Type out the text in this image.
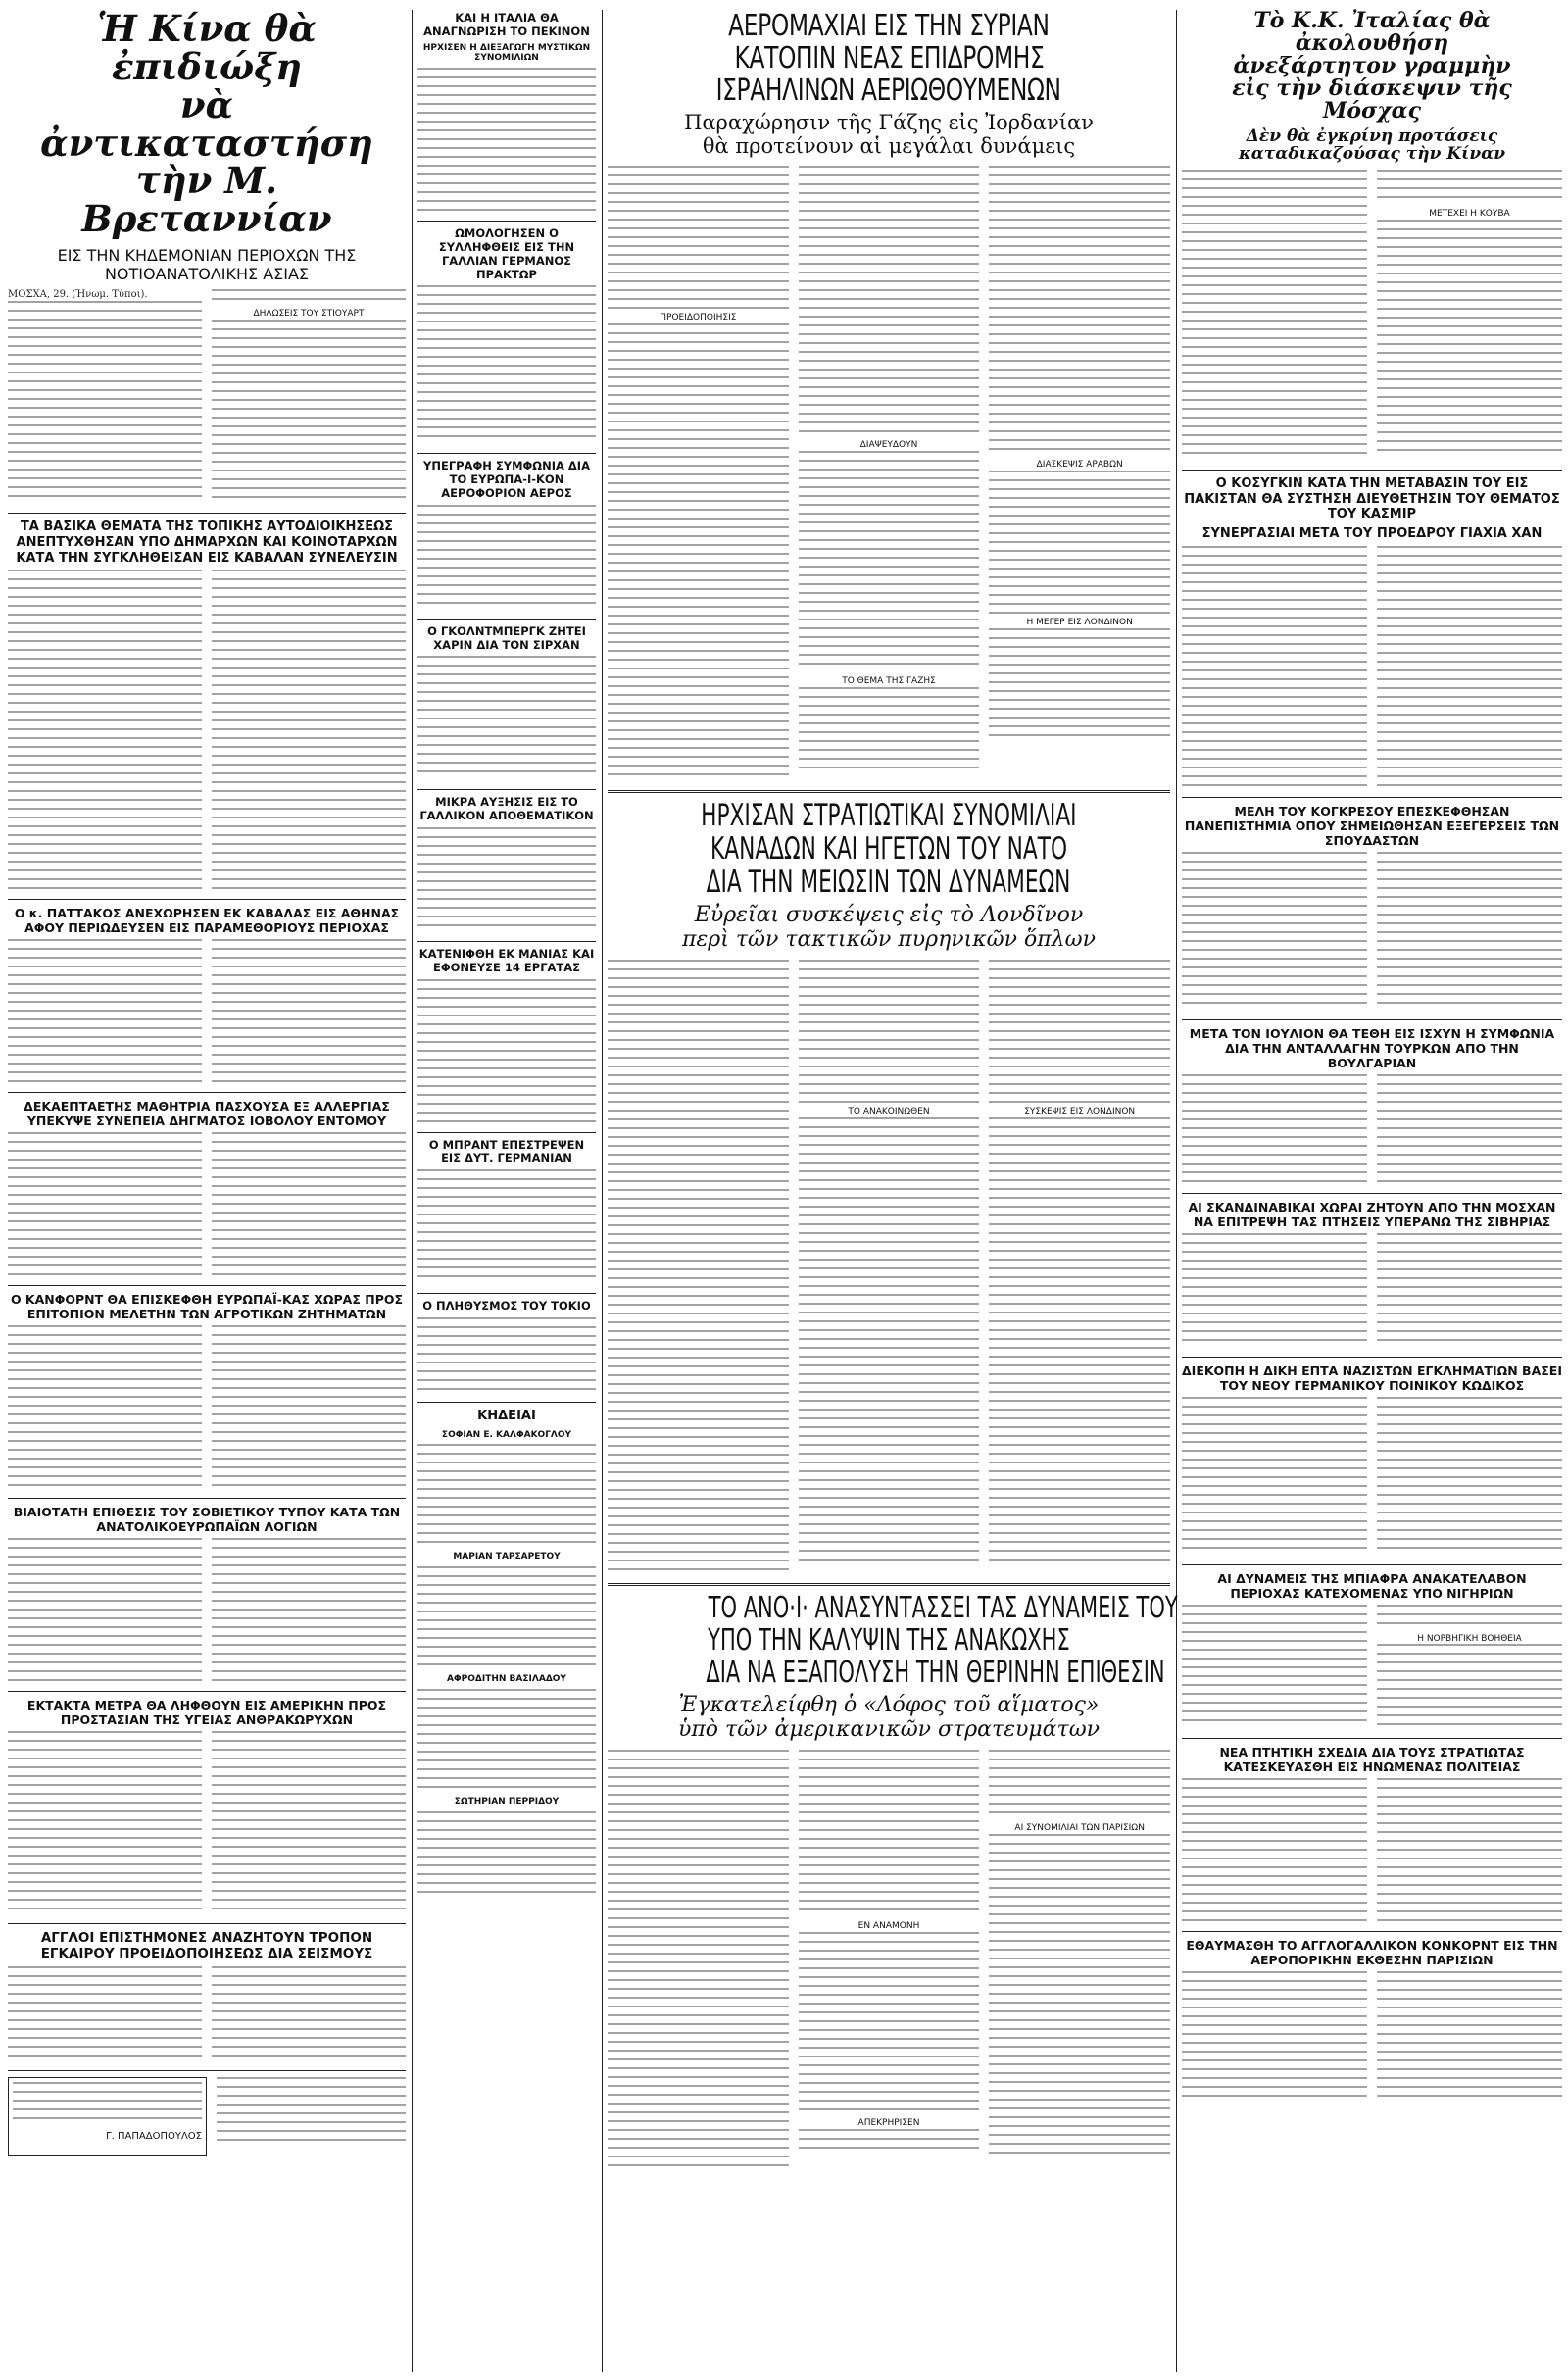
Ἡ Κίνα θὰ ἐπιδιώξη
νὰ ἀντικαταστήση
τὴν Μ. Βρεταννίαν
ΕΙΣ ΤΗΝ ΚΗΔΕΜΟΝΙΑΝ ΠΕΡΙΟΧΩΝ ΤΗΣ ΝΟΤΙΟΑΝΑΤΟΛΙΚΗΣ ΑΣΙΑΣ
ΜΟΣΧΑ, 29. (Ἠνωμ. Τύποι).
ΔΗΛΩΣΕΙΣ ΤΟΥ ΣΤΙΟΥΑΡΤ
ΤΑ ΒΑΣΙΚΑ ΘΕΜΑΤΑ ΤΗΣ ΤΟΠΙΚΗΣ ΑΥΤΟΔΙΟΙΚΗΣΕΩΣ ΑΝΕΠΤΥΧΘΗΣΑΝ ΥΠΟ ΔΗΜΑΡΧΩΝ ΚΑΙ ΚΟΙΝΟΤΑΡΧΩΝ ΚΑΤΑ ΤΗΝ ΣΥΓΚΛΗΘΕΙΣΑΝ ΕΙΣ ΚΑΒΑΛΑΝ ΣΥΝΕΛΕΥΣΙΝ
Ο κ. ΠΑΤΤΑΚΟΣ ΑΝΕΧΩΡΗΣΕΝ ΕΚ ΚΑΒΑΛΑΣ ΕΙΣ ΑΘΗΝΑΣ ΑΦΟΥ ΠΕΡΙΩΔΕΥΣΕΝ ΕΙΣ ΠΑΡΑΜΕΘΟΡΙΟΥΣ ΠΕΡΙΟΧΑΣ
ΔΕΚΑΕΠΤΑΕΤΗΣ ΜΑΘΗΤΡΙΑ ΠΑΣΧΟΥΣΑ ΕΞ ΑΛΛΕΡΓΙΑΣ ΥΠΕΚΥΨΕ ΣΥΝΕΠΕΙΑ ΔΗΓΜΑΤΟΣ ΙΟΒΟΛΟΥ ΕΝΤΟΜΟΥ
Ο ΚΑΝΦΟΡΝΤ ΘΑ ΕΠΙΣΚΕΦΘΗ ΕΥΡΩΠΑΪ-ΚΑΣ ΧΩΡΑΣ ΠΡΟΣ ΕΠΙΤΟΠΙΟΝ ΜΕΛΕΤΗΝ ΤΩΝ ΑΓΡΟΤΙΚΩΝ ΖΗΤΗΜΑΤΩΝ
ΒΙΑΙΟΤΑΤΗ ΕΠΙΘΕΣΙΣ ΤΟΥ ΣΟΒΙΕΤΙΚΟΥ ΤΥΠΟΥ ΚΑΤΑ ΤΩΝ ΑΝΑΤΟΛΙΚΟΕΥΡΩΠΑΪΩΝ ΛΟΓΙΩΝ
ΕΚΤΑΚΤΑ ΜΕΤΡΑ ΘΑ ΛΗΦΘΟΥΝ ΕΙΣ ΑΜΕΡΙΚΗΝ ΠΡΟΣ ΠΡΟΣΤΑΣΙΑΝ ΤΗΣ ΥΓΕΙΑΣ ΑΝΘΡΑΚΩΡΥΧΩΝ
ΑΓΓΛΟΙ ΕΠΙΣΤΗΜΟΝΕΣ ΑΝΑΖΗΤΟΥΝ ΤΡΟΠΟΝ ΕΓΚΑΙΡΟΥ ΠΡΟΕΙΔΟΠΟΙΗΣΕΩΣ ΔΙΑ ΣΕΙΣΜΟΥΣ
Γ. ΠΑΠΑΔΟΠΟΥΛΟΣ
ΚΑΙ Η ΙΤΑΛΙΑ ΘΑ ΑΝΑΓΝΩΡΙΣΗ ΤΟ ΠΕΚΙΝΟΝ
ΗΡΧΙΣΕΝ Η ΔΙΕΞΑΓΩΓΗ ΜΥΣΤΙΚΩΝ ΣΥΝΟΜΙΛΙΩΝ
ΩΜΟΛΟΓΗΣΕΝ Ο ΣΥΛΛΗΦΘΕΙΣ ΕΙΣ ΤΗΝ ΓΑΛΛΙΑΝ ΓΕΡΜΑΝΟΣ ΠΡΑΚΤΩΡ
ΥΠΕΓΡΑΦΗ ΣΥΜΦΩΝΙΑ ΔΙΑ ΤΟ ΕΥΡΩΠΑ-Ι-ΚΟΝ ΑΕΡΟΦΟΡΙΟΝ ΑΕΡΟΣ
Ο ΓΚΟΛΝΤΜΠΕΡΓΚ ΖΗΤΕΙ ΧΑΡΙΝ ΔΙΑ ΤΟΝ ΣΙΡΧΑΝ
ΜΙΚΡΑ ΑΥΞΗΣΙΣ ΕΙΣ ΤΟ ΓΑΛΛΙΚΟΝ ΑΠΟΘΕΜΑΤΙΚΟΝ
ΚΑΤΕΝΙΦΘΗ ΕΚ ΜΑΝΙΑΣ ΚΑΙ ΕΦΟΝΕΥΣΕ 14 ΕΡΓΑΤΑΣ
Ο ΜΠΡΑΝΤ ΕΠΕΣΤΡΕΨΕΝ ΕΙΣ ΔΥΤ. ΓΕΡΜΑΝΙΑΝ
Ο ΠΛΗΘΥΣΜΟΣ ΤΟΥ ΤΟΚΙΟ
ΚΗΔΕΙΑΙ
ΣΟΦΙΑΝ Ε. ΚΑΛΦΑΚΟΓΛΟΥ
ΜΑΡΙΑΝ ΤΑΡΣΑΡΕΤΟΥ
ΑΦΡΟΔΙΤΗΝ ΒΑΣΙΛΑΔΟΥ
ΣΩΤΗΡΙΑΝ ΠΕΡΡΙΔΟΥ
ΑΕΡΟΜΑΧΙΑΙ ΕΙΣ ΤΗΝ ΣΥΡΙΑΝ
ΚΑΤΟΠΙΝ ΝΕΑΣ ΕΠΙΔΡΟΜΗΣ
ΙΣΡΑΗΛΙΝΩΝ ΑΕΡΙΩΘΟΥΜΕΝΩΝ
Παραχώρησιν τῆς Γάζης εἰς Ἰορδανίαν
θὰ προτείνουν αἱ μεγάλαι δυνάμεις
ΠΡΟΕΙΔΟΠΟΙΗΣΙΣ
ΔΙΑΨΕΥΔΟΥΝ
ΤΟ ΘΕΜΑ ΤΗΣ ΓΑΖΗΣ
ΔΙΑΣΚΕΨΙΣ ΑΡΑΒΩΝ
Η ΜΕΓΕΡ ΕΙΣ ΛΟΝΔΙΝΟΝ
ΗΡΧΙΣΑΝ ΣΤΡΑΤΙΩΤΙΚΑΙ ΣΥΝΟΜΙΛΙΑΙ
ΚΑΝΑΔΩΝ ΚΑΙ ΗΓΕΤΩΝ ΤΟΥ ΝΑΤΟ
ΔΙΑ ΤΗΝ ΜΕΙΩΣΙΝ ΤΩΝ ΔΥΝΑΜΕΩΝ
Εὐρεῖαι συσκέψεις εἰς τὸ Λονδῖνον
περὶ τῶν τακτικῶν πυρηνικῶν ὅπλων
ΤΟ ΑΝΑΚΟΙΝΩΘΕΝ	ΣΥΣΚΕΨΙΣ ΕΙΣ ΛΟΝΔΙΝΟΝ
ΤΟ ΑΝΟ·Ι· ΑΝΑΣΥΝΤΑΣΣΕΙ ΤΑΣ ΔΥΝΑΜΕΙΣ ΤΟΥ
ΥΠΟ ΤΗΝ ΚΑΛΥΨΙΝ ΤΗΣ ΑΝΑΚΩΧΗΣ
ΔΙΑ ΝΑ ΕΞΑΠΟΛΥΣΗ ΤΗΝ ΘΕΡΙΝΗΝ ΕΠΙΘΕΣΙΝ
Ἐγκατελείφθη ὁ «Λόφος τοῦ αἵματος»
ὑπὸ τῶν ἀμερικανικῶν στρατευμάτων
ΕΝ ΑΝΑΜΟΝΗ
ΑΠΕΚΡΗΡΙΣΕΝ
ΑΙ ΣΥΝΟΜΙΛΙΑΙ ΤΩΝ ΠΑΡΙΣΙΩΝ
Τὸ Κ.Κ. Ἰταλίας θὰ ἀκολουθήση
ἀνεξάρτητον γραμμὴν
εἰς τὴν διάσκεψιν τῆς Μόσχας
Δὲν θὰ ἐγκρίνη προτάσεις
καταδικαζούσας τὴν Κίναν
ΜΕΤΕΧΕΙ Η ΚΟΥΒΑ
Ο ΚΟΣΥΓΚΙΝ ΚΑΤΑ ΤΗΝ ΜΕΤΑΒΑΣΙΝ ΤΟΥ ΕΙΣ ΠΑΚΙΣΤΑΝ ΘΑ ΣΥΣΤΗΣΗ ΔΙΕΥΘΕΤΗΣΙΝ ΤΟΥ ΘΕΜΑΤΟΣ ΤΟΥ ΚΑΣΜΙΡ
ΣΥΝΕΡΓΑΣΙΑΙ ΜΕΤΑ ΤΟΥ ΠΡΟΕΔΡΟΥ ΓΙΑΧΙΑ ΧΑΝ
ΜΕΛΗ ΤΟΥ ΚΟΓΚΡΕΣΟΥ ΕΠΕΣΚΕΦΘΗΣΑΝ ΠΑΝΕΠΙΣΤΗΜΙΑ ΟΠΟΥ ΣΗΜΕΙΩΘΗΣΑΝ ΕΞΕΓΕΡΣΕΙΣ ΤΩΝ ΣΠΟΥΔΑΣΤΩΝ
ΜΕΤΑ ΤΟΝ ΙΟΥΛΙΟΝ ΘΑ ΤΕΘΗ ΕΙΣ ΙΣΧΥΝ Η ΣΥΜΦΩΝΙΑ ΔΙΑ ΤΗΝ ΑΝΤΑΛΛΑΓΗΝ ΤΟΥΡΚΩΝ ΑΠΟ ΤΗΝ ΒΟΥΛΓΑΡΙΑΝ
ΑΙ ΣΚΑΝΔΙΝΑΒΙΚΑΙ ΧΩΡΑΙ ΖΗΤΟΥΝ ΑΠΟ ΤΗΝ ΜΟΣΧΑΝ ΝΑ ΕΠΙΤΡΕΨΗ ΤΑΣ ΠΤΗΣΕΙΣ ΥΠΕΡΑΝΩ ΤΗΣ ΣΙΒΗΡΙΑΣ
ΔΙΕΚΟΠΗ Η ΔΙΚΗ ΕΠΤΑ ΝΑΖΙΣΤΩΝ ΕΓΚΛΗΜΑΤΙΩΝ ΒΑΣΕΙ ΤΟΥ ΝΕΟΥ ΓΕΡΜΑΝΙΚΟΥ ΠΟΙΝΙΚΟΥ ΚΩΔΙΚΟΣ
ΑΙ ΔΥΝΑΜΕΙΣ ΤΗΣ ΜΠΙΑΦΡΑ ΑΝΑΚΑΤΕΛΑΒΟΝ ΠΕΡΙΟΧΑΣ ΚΑΤΕΧΟΜΕΝΑΣ ΥΠΟ ΝΙΓΗΡΙΩΝ
Η ΝΟΡΒΗΓΙΚΗ ΒΟΗΘΕΙΑ
ΝΕΑ ΠΤΗΤΙΚΗ ΣΧΕΔΙΑ ΔΙΑ ΤΟΥΣ ΣΤΡΑΤΙΩΤΑΣ ΚΑΤΕΣΚΕΥΑΣΘΗ ΕΙΣ ΗΝΩΜΕΝΑΣ ΠΟΛΙΤΕΙΑΣ
ΕΘΑΥΜΑΣΘΗ ΤΟ ΑΓΓΛΟΓΑΛΛΙΚΟΝ ΚΟΝΚΟΡΝΤ ΕΙΣ ΤΗΝ ΑΕΡΟΠΟΡΙΚΗΝ ΕΚΘΕΣΗΝ ΠΑΡΙΣΙΩΝ
